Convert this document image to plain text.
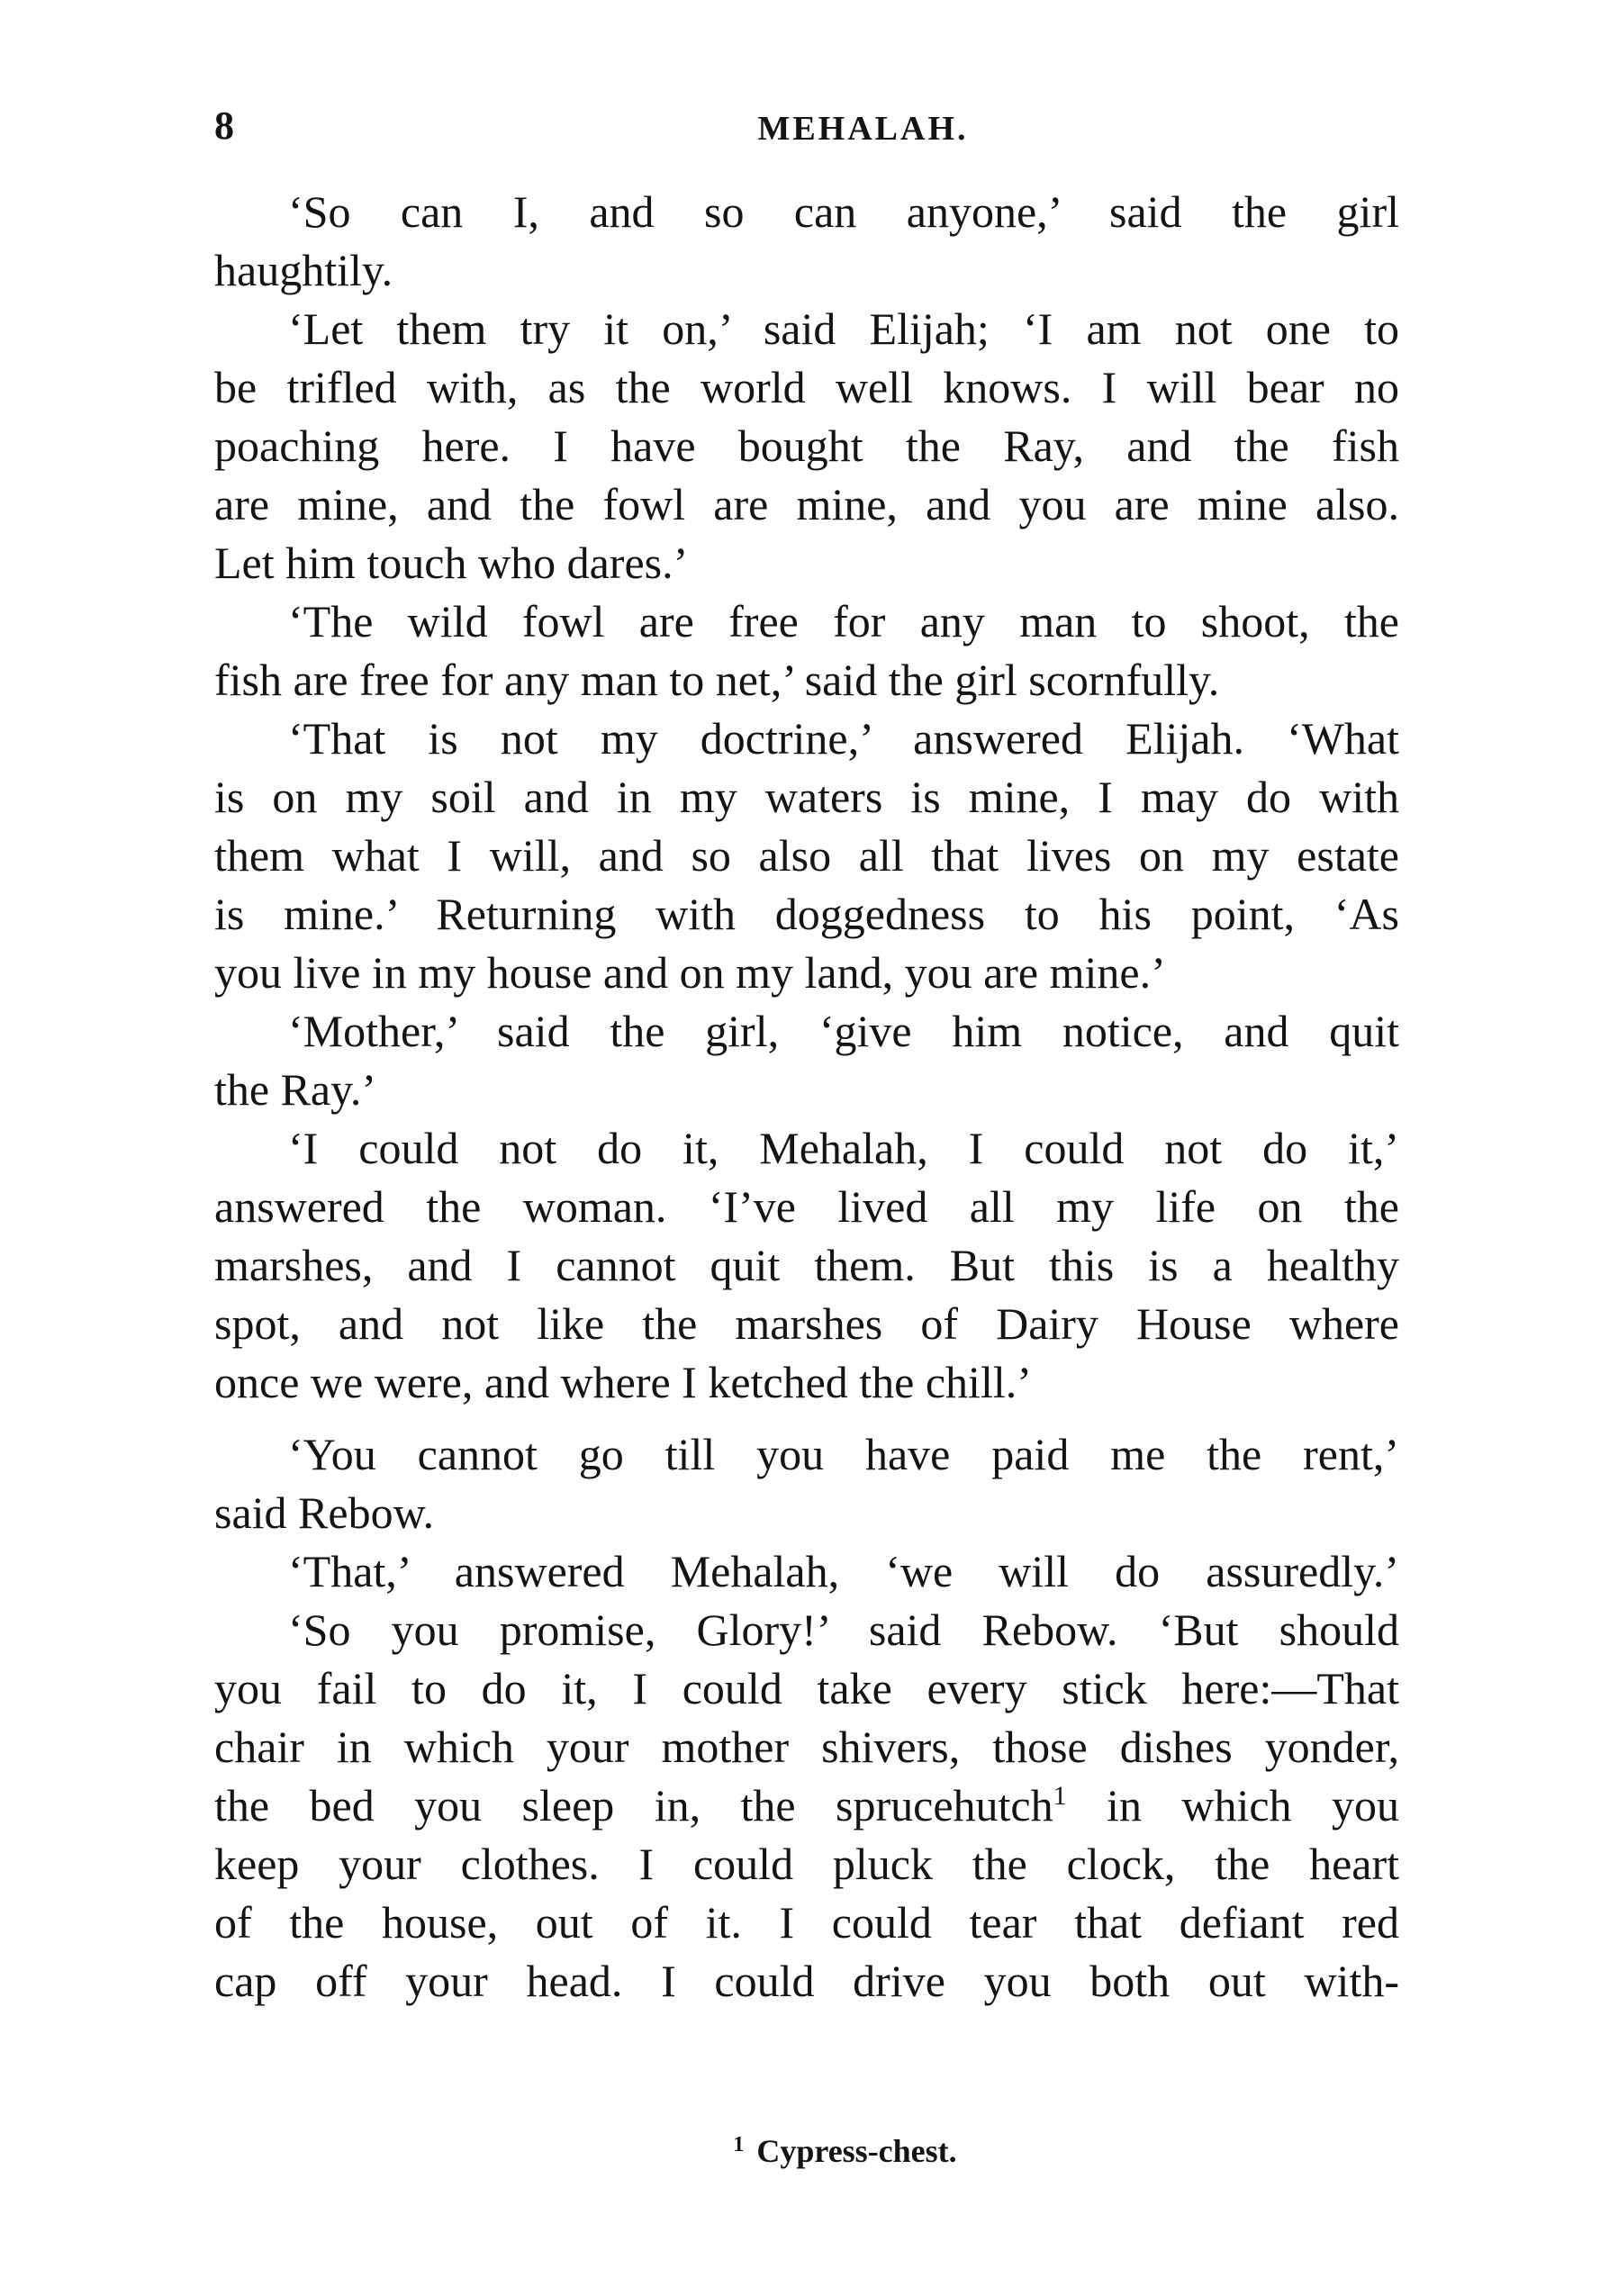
8	MEHALAH.
‘So can I, and so can anyone,’ said the girl
haughtily.
‘Let them try it on,’ said Elijah; ‘I am not one to
be trifled with, as the world well knows. I will bear no
poaching here. I have bought the Ray, and the fish
are mine, and the fowl are mine, and you are mine also.
Let him touch who dares.’
‘The wild fowl are free for any man to shoot, the
fish are free for any man to net,’ said the girl scornfully.
‘That is not my doctrine,’ answered Elijah. ‘What
is on my soil and in my waters is mine, I may do with
them what I will, and so also all that lives on my estate
is mine.’ Returning with doggedness to his point, ‘As
you live in my house and on my land, you are mine.’
‘Mother,’ said the girl, ‘give him notice, and quit
the Ray.’
‘I could not do it, Mehalah, I could not do it,’
answered the woman. ‘I’ve lived all my life on the
marshes, and I cannot quit them. But this is a healthy
spot, and not like the marshes of Dairy House where
once we were, and where I ketched the chill.’
‘You cannot go till you have paid me the rent,’
said Rebow.
‘That,’ answered Mehalah, ‘we will do assuredly.’
‘So you promise, Glory!’ said Rebow. ‘But should
you fail to do it, I could take every stick here:—That
chair in which your mother shivers, those dishes yonder,
the bed you sleep in, the sprucehutch$^1$ in which you
keep your clothes. I could pluck the clock, the heart
of the house, out of it. I could tear that defiant red
cap off your head. I could drive you both out with-
$^1$ Cypress-chest.
